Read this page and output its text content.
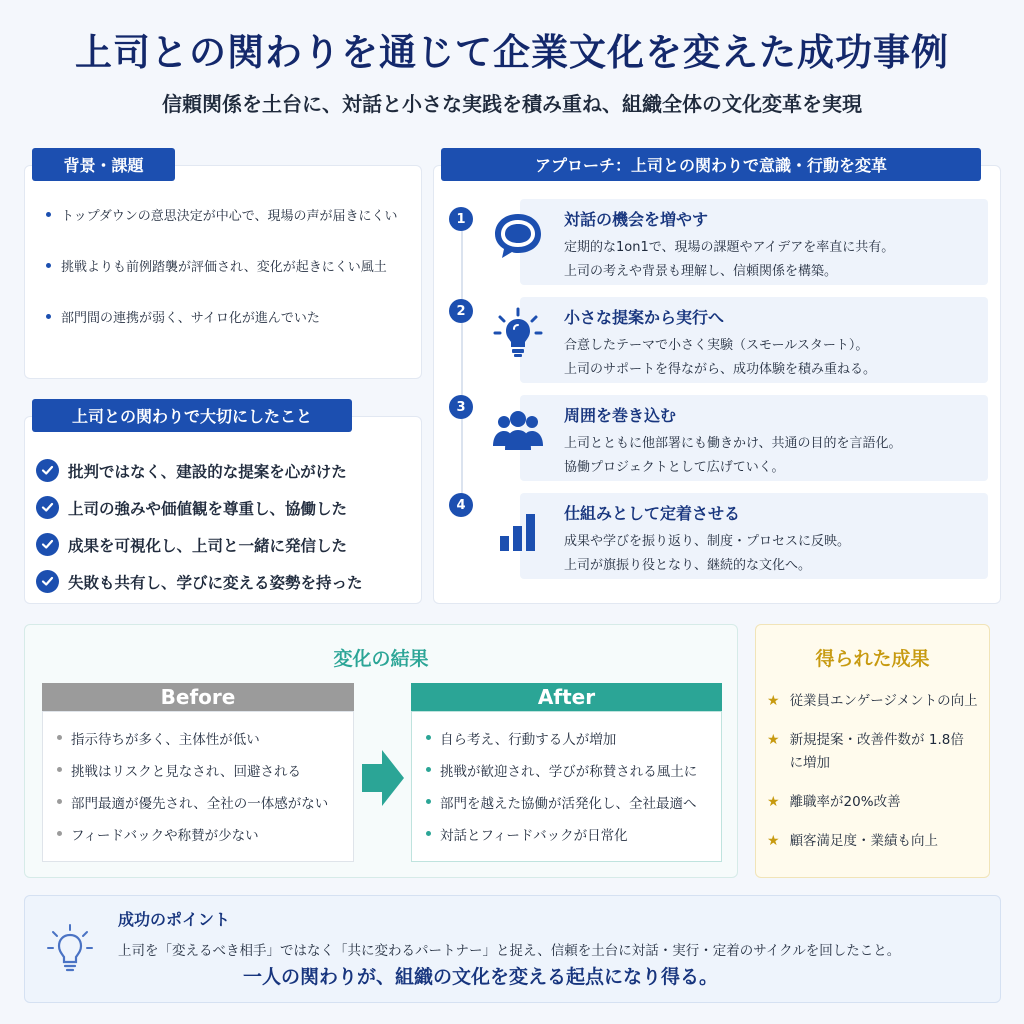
上司との関わりを通じて企業文化を変えた成功事例
信頼関係を土台に、対話と小さな実践を積み重ね、組織全体の文化変革を実現
背景・課題
トップダウンの意思決定が中心で、現場の声が届きにくい
挑戦よりも前例踏襲が評価され、変化が起きにくい風土
部門間の連携が弱く、サイロ化が進んでいた
上司との関わりで大切にしたこと
批判ではなく、建設的な提案を心がけた
上司の強みや価値観を尊重し、協働した
成果を可視化し、上司と一緒に発信した
失敗も共有し、学びに変える姿勢を持った
アプローチ：上司との関わりで意識・行動を変革
1	対話の機会を増やす
定期的な1on1で、現場の課題やアイデアを率直に共有。
上司の考えや背景も理解し、信頼関係を構築。
2	小さな提案から実行へ
合意したテーマで小さく実験（スモールスタート）。
上司のサポートを得ながら、成功体験を積み重ねる。
3	周囲を巻き込む
上司とともに他部署にも働きかけ、共通の目的を言語化。
協働プロジェクトとして広げていく。
4	仕組みとして定着させる
成果や学びを振り返り、制度・プロセスに反映。
上司が旗振り役となり、継続的な文化へ。
変化の結果
Before
指示待ちが多く、主体性が低い
挑戦はリスクと見なされ、回避される
部門最適が優先され、全社の一体感がない
フィードバックや称賛が少ない
After
自ら考え、行動する人が増加
挑戦が歓迎され、学びが称賛される風土に
部門を越えた協働が活発化し、全社最適へ
対話とフィードバックが日常化
得られた成果
★ 従業員エンゲージメントの向上
★ 新規提案・改善件数が 1.8倍に増加
★ 離職率が20%改善
★ 顧客満足度・業績も向上
成功のポイント
上司を「変えるべき相手」ではなく「共に変わるパートナー」と捉え、信頼を土台に対話・実行・定着のサイクルを回したこと。
一人の関わりが、組織の文化を変える起点になり得る。
